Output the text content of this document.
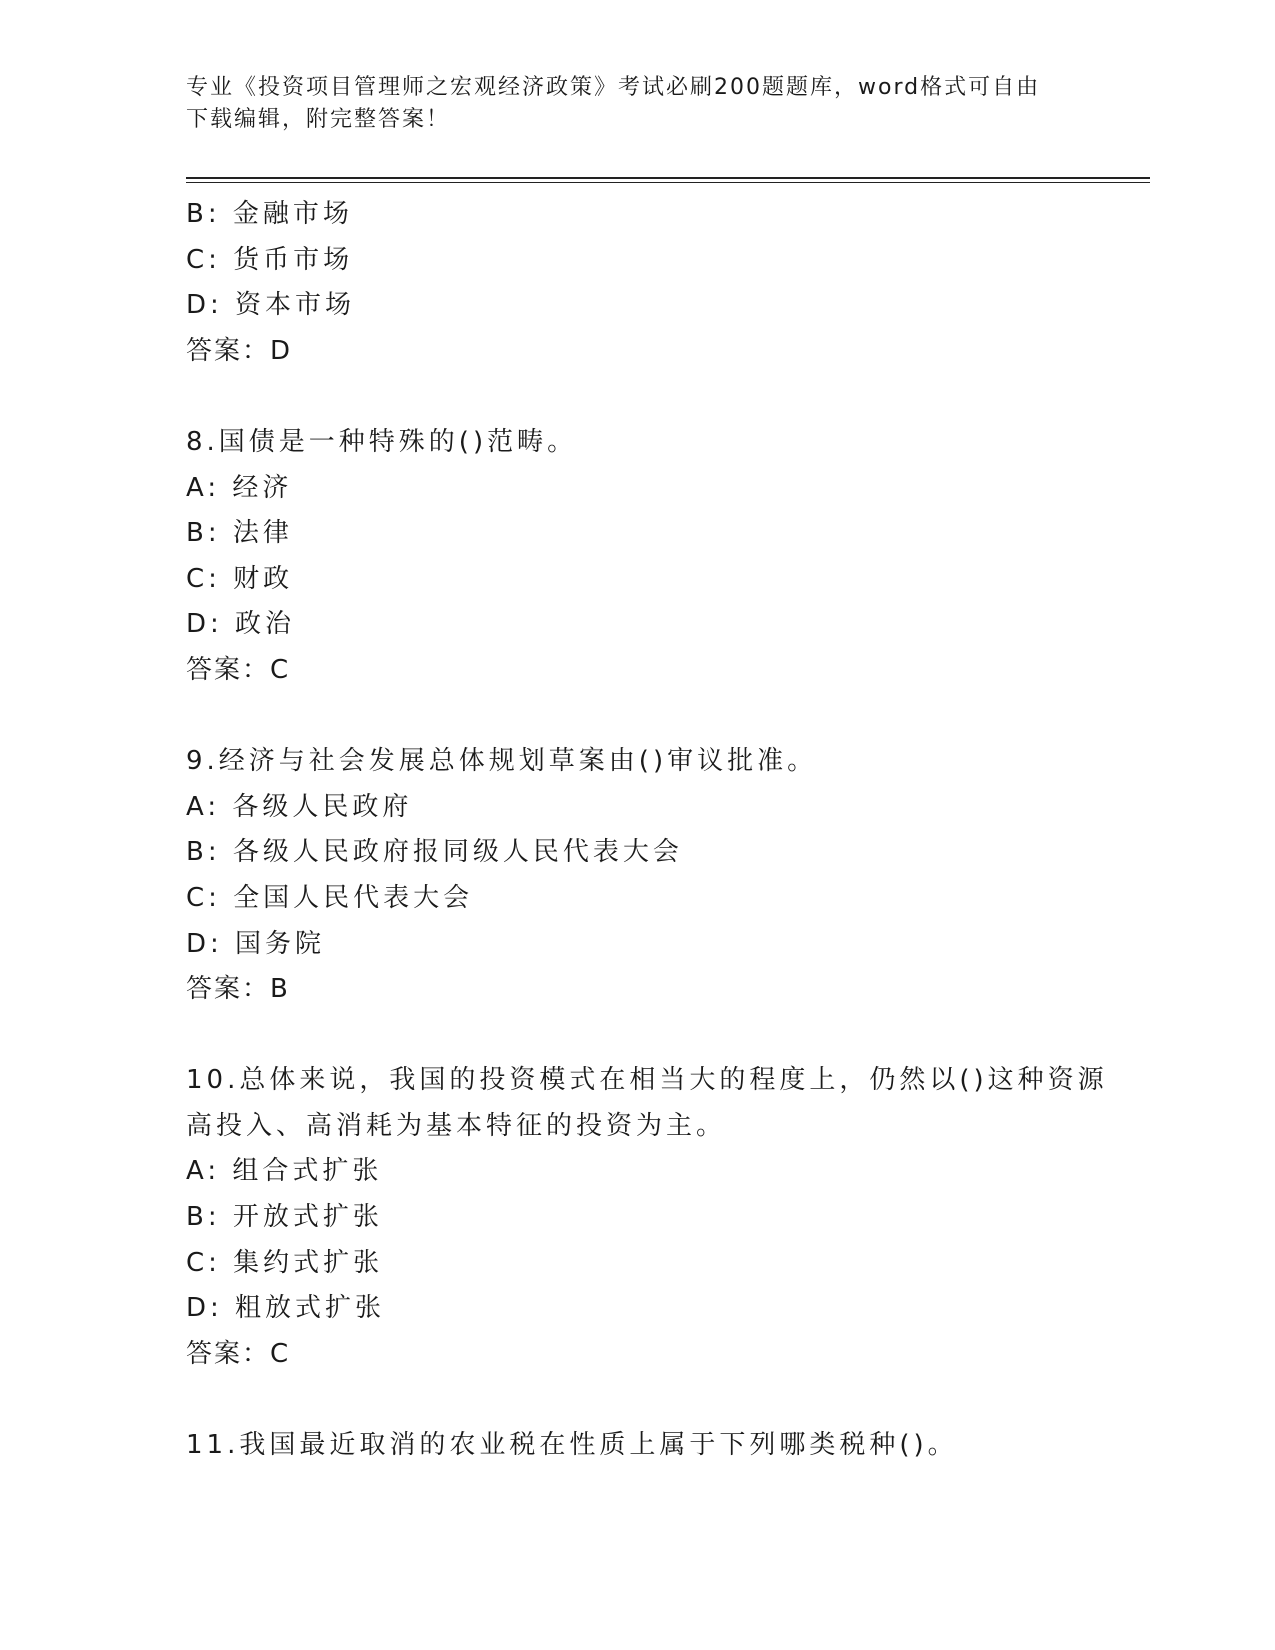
专业《投资项目管理师之宏观经济政策》考试必刷200题题库，word格式可自由
下载编辑，附完整答案！
B: 金融市场
C: 货币市场
D: 资本市场
答案：D
8.国债是一种特殊的()范畴。
A: 经济
B: 法律
C: 财政
D: 政治
答案：C
9.经济与社会发展总体规划草案由()审议批准。
A: 各级人民政府
B: 各级人民政府报同级人民代表大会
C: 全国人民代表大会
D: 国务院
答案：B
10.总体来说，我国的投资模式在相当大的程度上，仍然以()这种资源
高投入、高消耗为基本特征的投资为主。
A: 组合式扩张
B: 开放式扩张
C: 集约式扩张
D: 粗放式扩张
答案：C
11.我国最近取消的农业税在性质上属于下列哪类税种()。
